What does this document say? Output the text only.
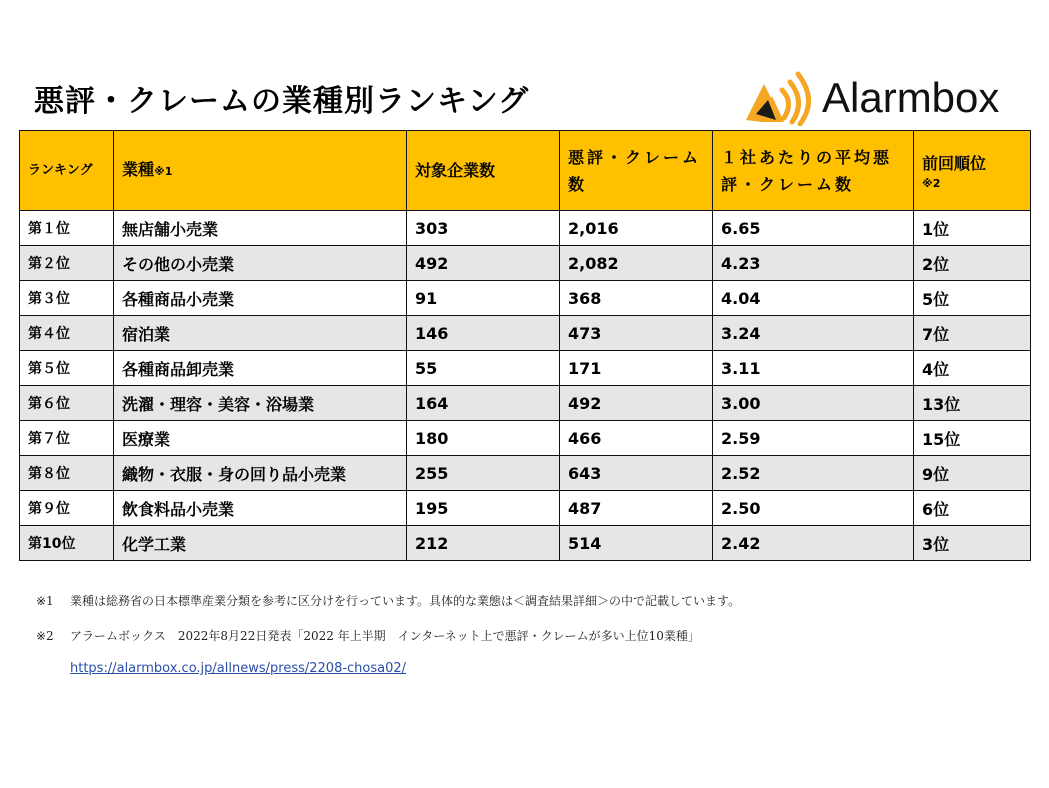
悪評・クレームの業種別ランキング	Alarmbox
ランキング	業種※1	対象企業数	悪評・クレーム数	１社あたりの平均悪評・クレーム数	前回順位
※2

第１位	無店舗小売業	303	2,016	6.65	1位
第２位	その他の小売業	492	2,082	4.23	2位
第３位	各種商品小売業	91	368	4.04	5位
第４位	宿泊業	146	473	3.24	7位
第５位	各種商品卸売業	55	171	3.11	4位
第６位	洗濯・理容・美容・浴場業	164	492	3.00	13位
第７位	医療業	180	466	2.59	15位
第８位	織物・衣服・身の回り品小売業	255	643	2.52	9位
第９位	飲食料品小売業	195	487	2.50	6位
第10位	化学工業	212	514	2.42	3位
※1 業種は総務省の日本標準産業分類を参考に区分けを行っています。具体的な業態は＜調査結果詳細＞の中で記載しています。
※2 アラームボックス　2022年8月22日発表「2022 年上半期　インターネット上で悪評・クレームが多い上位10業種」
https://alarmbox.co.jp/allnews/press/2208-chosa02/
